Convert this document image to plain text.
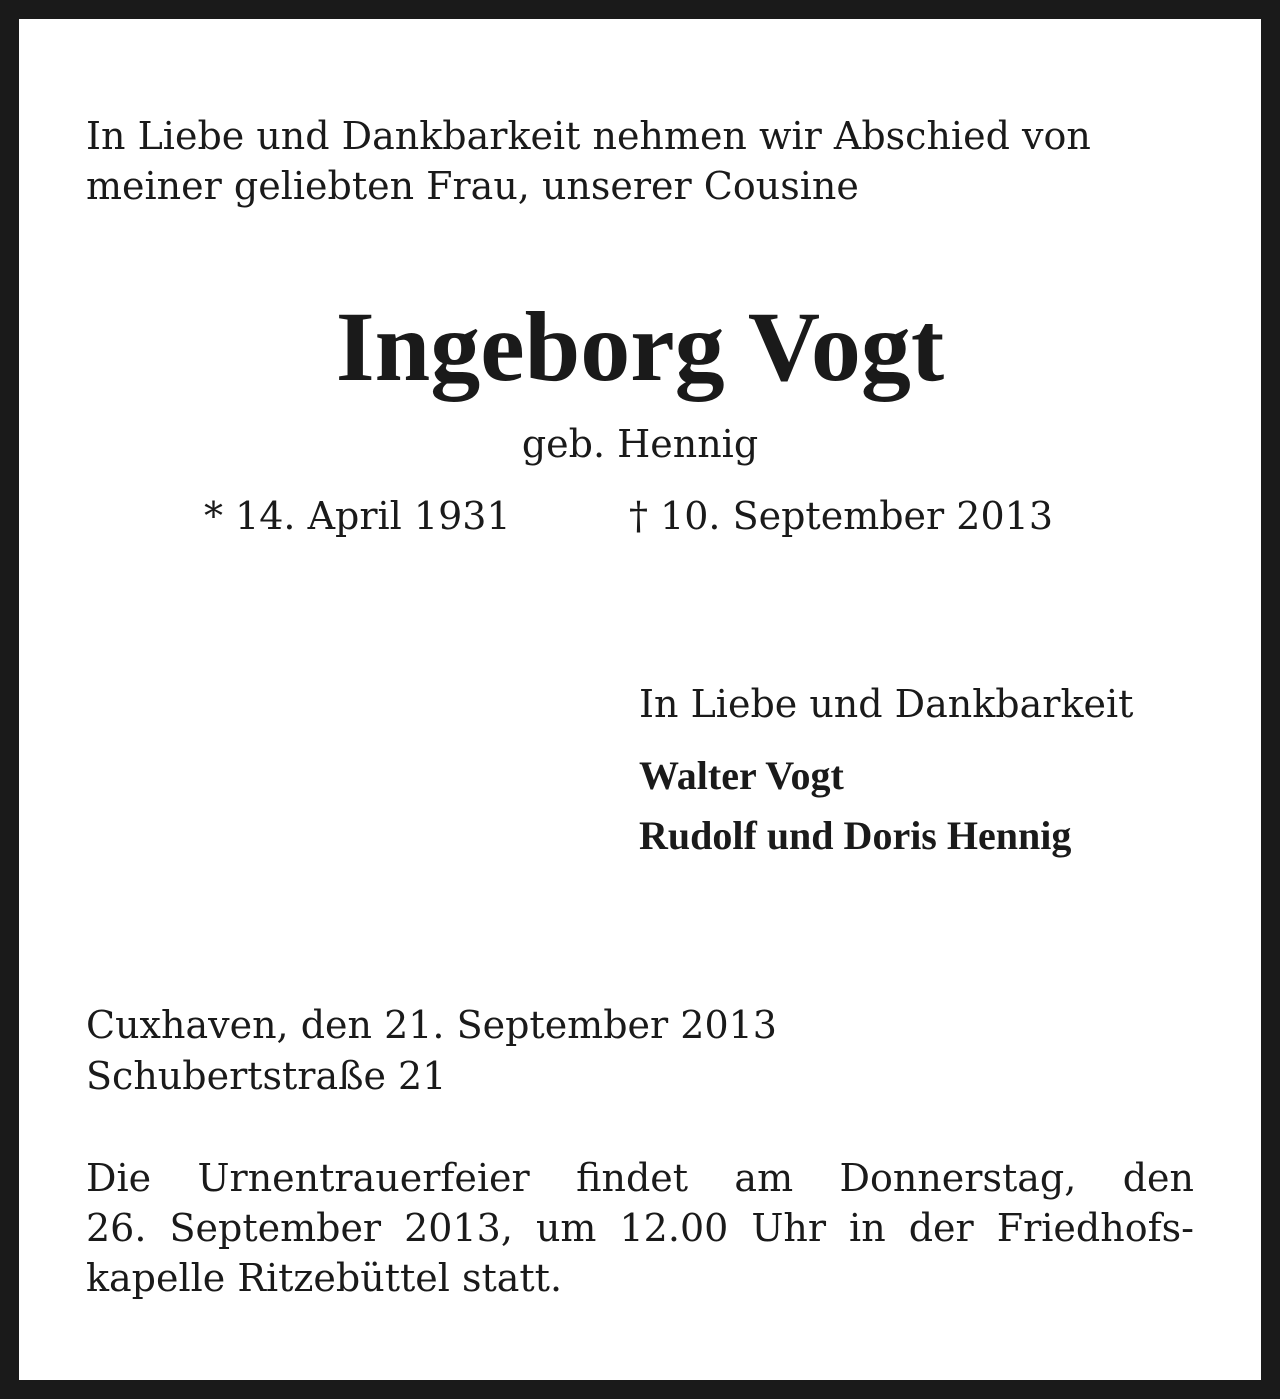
In Liebe und Dankbarkeit nehmen wir Abschied von
meiner geliebten Frau, unserer Cousine

Ingeborg Vogt

geb. Hennig

* 14. April 1931	† 10. September 2013

In Liebe und Dankbarkeit

Walter Vogt

Rudolf und Doris Hennig

Cuxhaven, den 21. September 2013

Schubertstraße 21

Die Urnentrauerfeier findet am Donnerstag, den
26. September 2013, um 12.00 Uhr in der Friedhofs-
kapelle Ritzebüttel statt.
